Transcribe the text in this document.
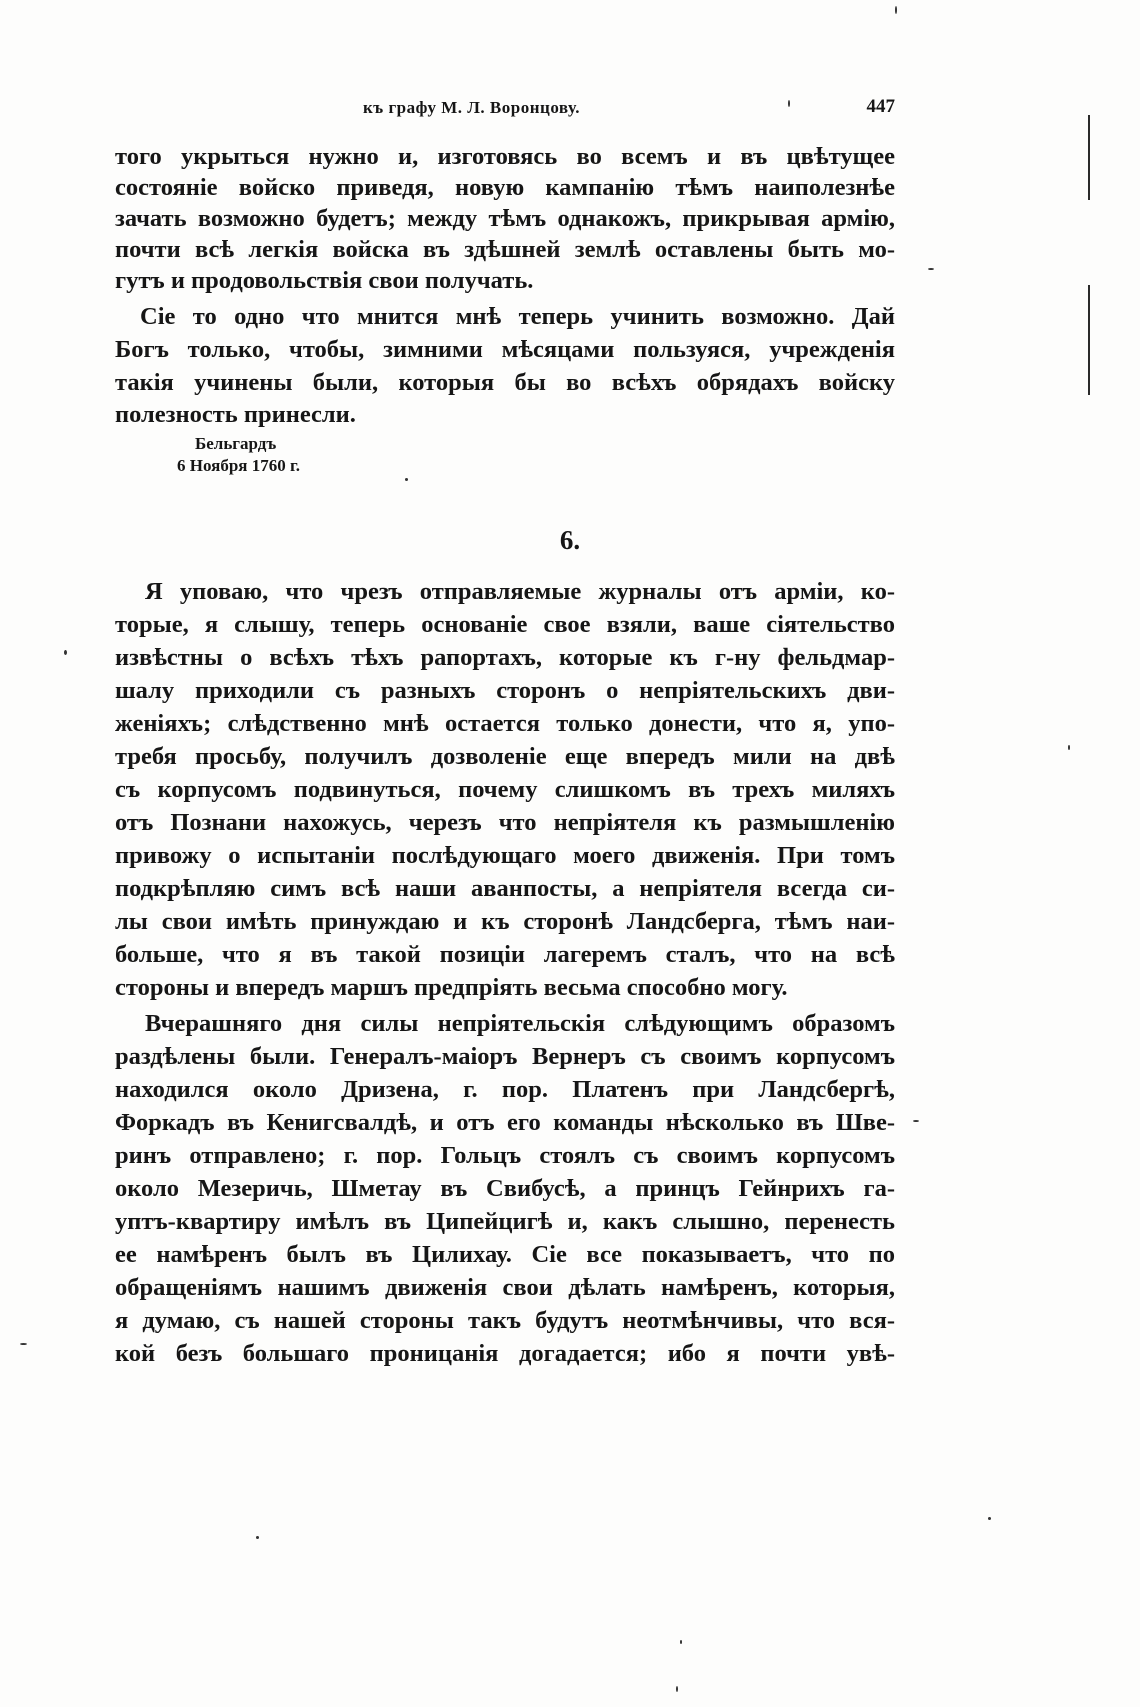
къ графу М. Л. Воронцову.	447
того укрыться нужно и, изготовясь во всемъ и въ цвѣтущее
состояніе войско приведя, новую кампанію тѣмъ наиполезнѣе
зачать возможно будетъ; между тѣмъ однакожъ, прикрывая армію,
почти всѣ легкія войска въ здѣшней землѣ оставлены быть мо-
гутъ и продовольствія свои получать.
Сіе то одно что мнится мнѣ теперь учинить возможно. Дай
Богъ только, чтобы, зимними мѣсяцами пользуяся, учрежденія
такія учинены были, которыя бы во всѣхъ обрядахъ войску
полезность принесли.
Бельгардъ
6 Ноября 1760 г.
6.
Я уповаю, что чрезъ отправляемые журналы отъ арміи, ко-
торые, я слышу, теперь основаніе свое взяли, ваше сіятельство
извѣстны о всѣхъ тѣхъ рапортахъ, которые къ г-ну фельдмар-
шалу приходили съ разныхъ сторонъ о непріятельскихъ дви-
женіяхъ; слѣдственно мнѣ остается только донести, что я, упо-
требя просьбу, получилъ дозволеніе еще впередъ мили на двѣ
съ корпусомъ подвинуться, почему слишкомъ въ трехъ миляхъ
отъ Познани нахожусь, черезъ что непріятеля къ размышленію
привожу о испытаніи послѣдующаго моего движенія. При томъ
подкрѣпляю симъ всѣ наши аванпосты, а непріятеля всегда си-
лы свои имѣть принуждаю и къ сторонѣ Ландсберга, тѣмъ наи-
больше, что я въ такой позиціи лагеремъ сталъ, что на всѣ
стороны и впередъ маршъ предпріять весьма способно могу.
Вчерашняго дня силы непріятельскія слѣдующимъ образомъ
раздѣлены были. Генералъ-маіоръ Вернеръ съ своимъ корпусомъ
находился около Дризена, г. пор. Платенъ при Ландсбергѣ,
Форкадъ въ Кенигсвалдѣ, и отъ его команды нѣсколько въ Шве-
ринъ отправлено; г. пор. Гольцъ стоялъ съ своимъ корпусомъ
около Мезеричь, Шметау въ Свибусѣ, а принцъ Гейнрихъ га-
уптъ-квартиру имѣлъ въ Ципейцигѣ и, какъ слышно, перенесть
ее намѣренъ былъ въ Цилихау. Сіе все показываетъ, что по
обращеніямъ нашимъ движенія свои дѣлать намѣренъ, которыя,
я думаю, съ нашей стороны такъ будутъ неотмѣнчивы, что вся-
кой безъ большаго проницанія догадается; ибо я почти увѣ-
